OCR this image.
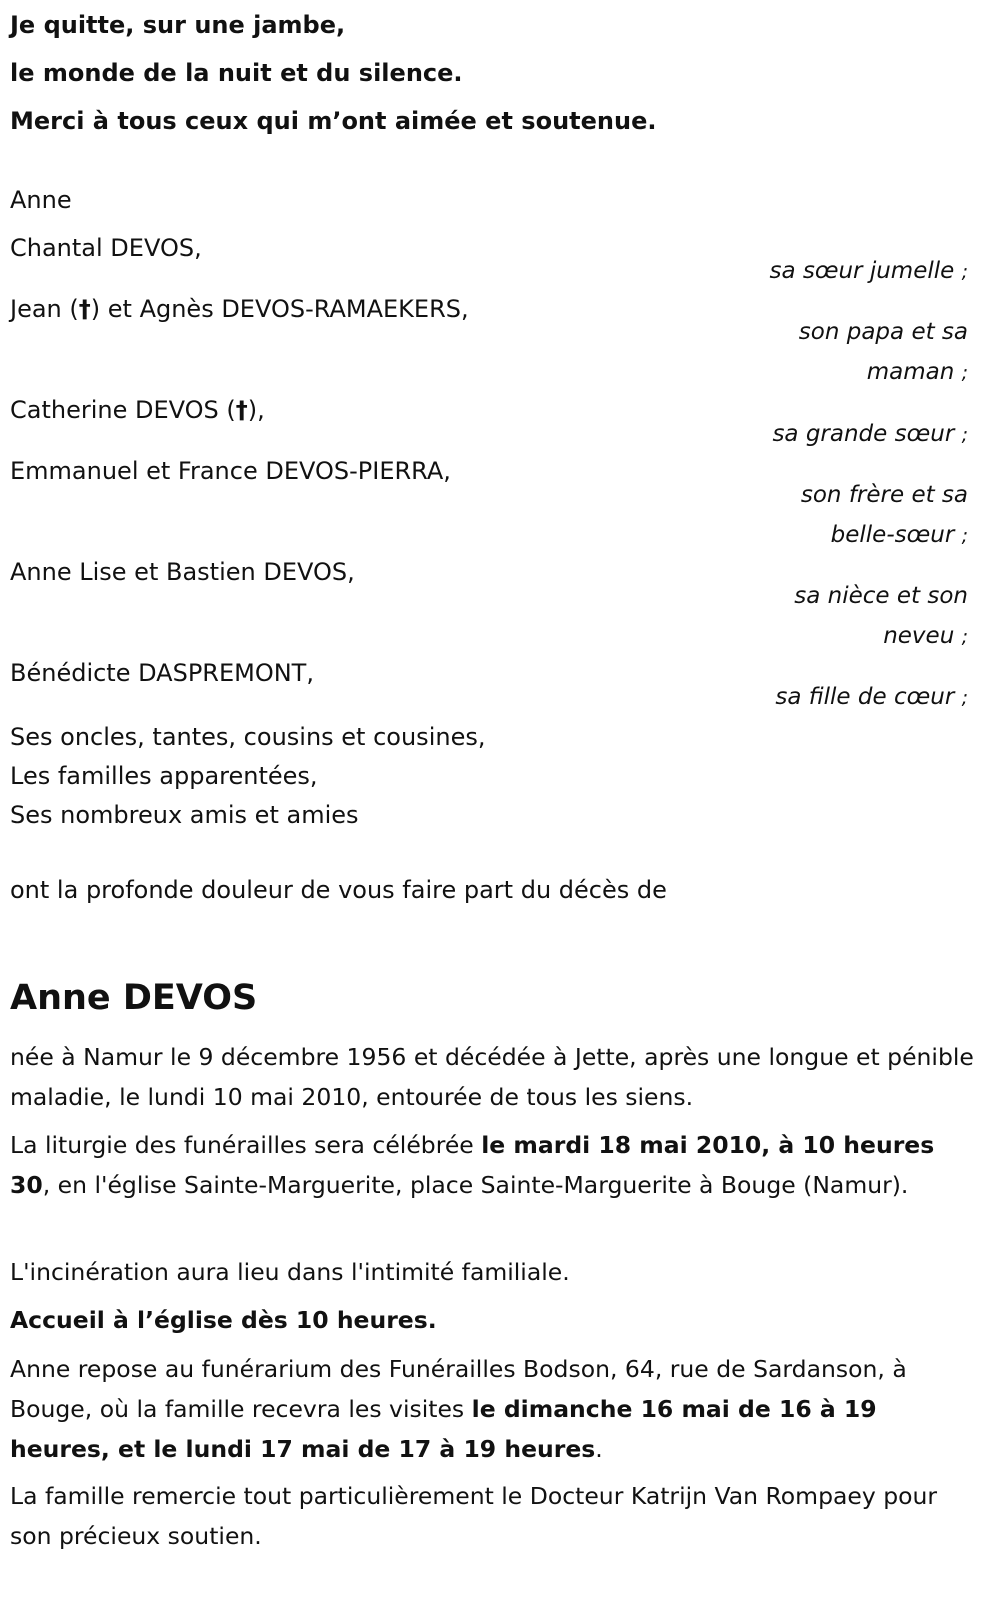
Je quitte, sur une jambe,
le monde de la nuit et du silence.
Merci à tous ceux qui m’ont aimée et soutenue.
Anne
Chantal DEVOS,
sa sœur jumelle ;
Jean (†) et Agnès DEVOS-RAMAEKERS,
son papa et sa
maman ;
Catherine DEVOS (†),
sa grande sœur ;
Emmanuel et France DEVOS-PIERRA,
son frère et sa
belle-sœur ;
Anne Lise et Bastien DEVOS,
sa nièce et son
neveu ;
Bénédicte DASPREMONT,
sa fille de cœur ;
Ses oncles, tantes, cousins et cousines,
Les familles apparentées,
Ses nombreux amis et amies
ont la profonde douleur de vous faire part du décès de
Anne DEVOS
née à Namur le 9 décembre 1956 et décédée à Jette, après une longue et pénible maladie, le lundi 10 mai 2010, entourée de tous les siens.
La liturgie des funérailles sera célébrée le mardi 18 mai 2010, à 10 heures 30, en l'église Sainte-Marguerite, place Sainte-Marguerite à Bouge (Namur).
L'incinération aura lieu dans l'intimité familiale.
Accueil à l’église dès 10 heures.
Anne repose au funérarium des Funérailles Bodson, 64, rue de Sardanson, à Bouge, où la famille recevra les visites le dimanche 16 mai de 16 à 19 heures, et le lundi 17 mai de 17 à 19 heures.
La famille remercie tout particulièrement le Docteur Katrijn Van Rompaey pour son précieux soutien.
